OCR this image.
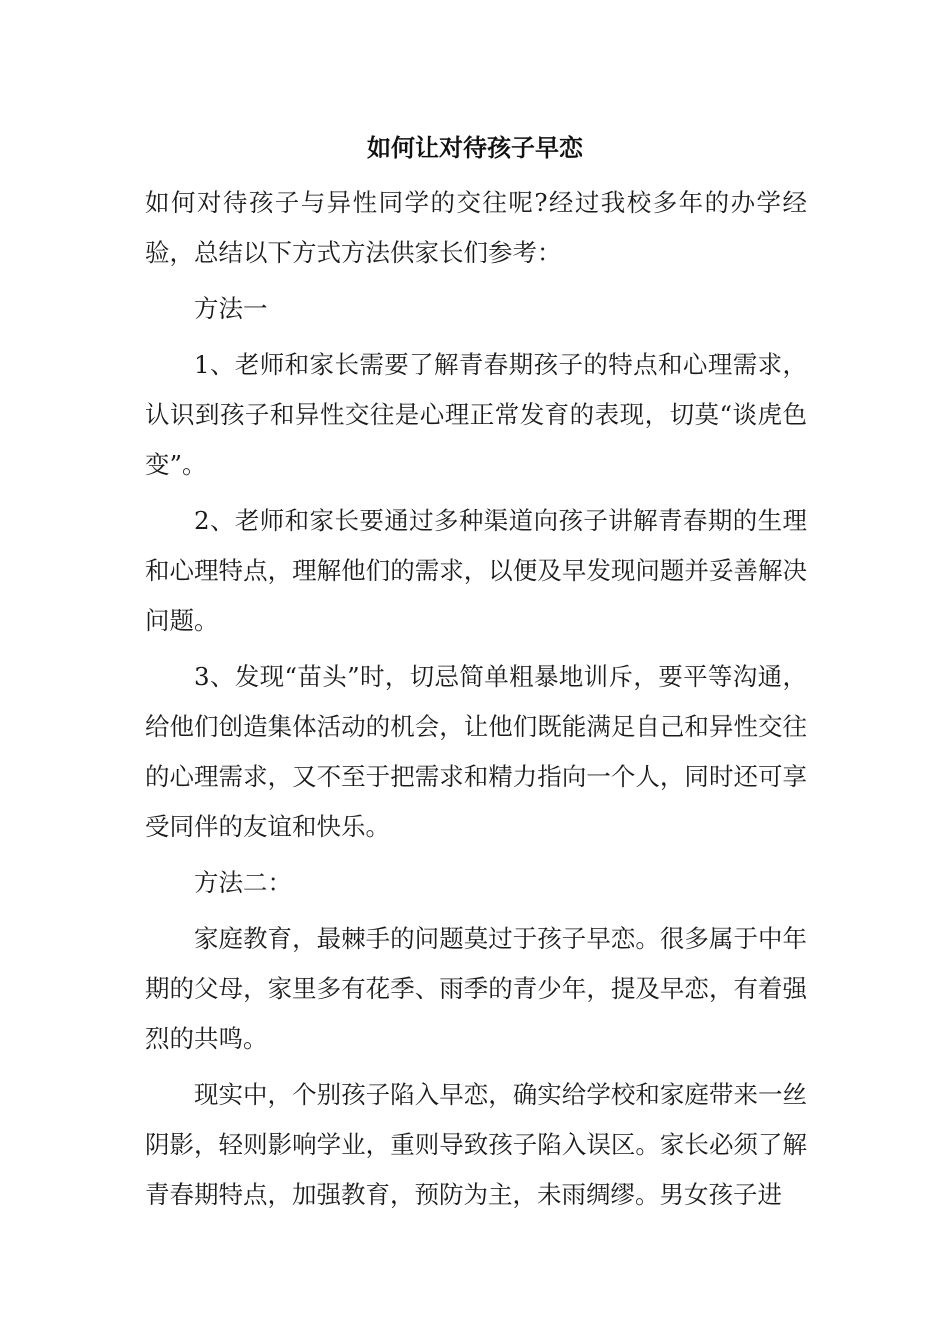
如何让对待孩子早恋

如何对待孩子与异性同学的交往呢?经过我校多年的办学经验，总结以下方式方法供家长们参考：

方法一

1、老师和家长需要了解青春期孩子的特点和心理需求，认识到孩子和异性交往是心理正常发育的表现，切莫“谈虎色变”。

2、老师和家长要通过多种渠道向孩子讲解青春期的生理和心理特点，理解他们的需求，以便及早发现问题并妥善解决问题。

3、发现“苗头”时，切忌简单粗暴地训斥，要平等沟通，给他们创造集体活动的机会，让他们既能满足自己和异性交往的心理需求，又不至于把需求和精力指向一个人，同时还可享受同伴的友谊和快乐。

方法二：

家庭教育，最棘手的问题莫过于孩子早恋。很多属于中年期的父母，家里多有花季、雨季的青少年，提及早恋，有着强烈的共鸣。

现实中，个别孩子陷入早恋，确实给学校和家庭带来一丝阴影，轻则影响学业，重则导致孩子陷入误区。家长必须了解青春期特点，加强教育，预防为主，未雨绸缪。男女孩子进
